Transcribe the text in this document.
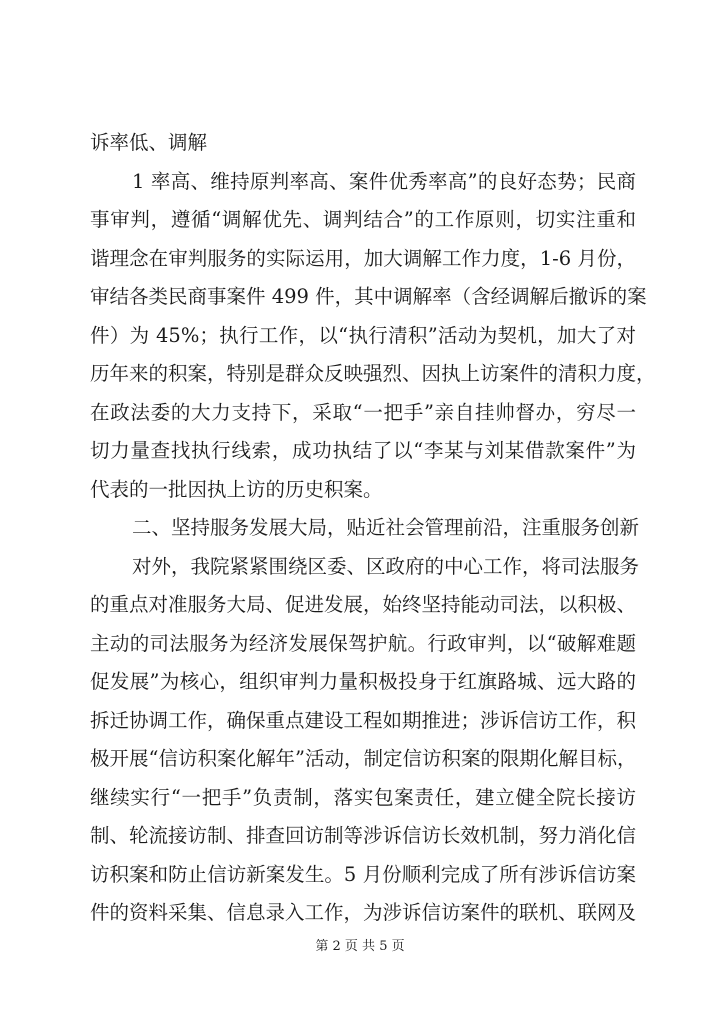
诉率低、调解
1 率高、维持原判率高、案件优秀率高”的良好态势；民商
事审判，遵循“调解优先、调判结合”的工作原则，切实注重和
谐理念在审判服务的实际运用，加大调解工作力度，1-6 月份，
审结各类民商事案件 499 件，其中调解率（含经调解后撤诉的案
件）为 45%；执行工作，以“执行清积”活动为契机，加大了对
历年来的积案，特别是群众反映强烈、因执上访案件的清积力度，
在政法委的大力支持下，采取“一把手”亲自挂帅督办，穷尽一
切力量查找执行线索，成功执结了以“李某与刘某借款案件”为
代表的一批因执上访的历史积案。
二、坚持服务发展大局，贴近社会管理前沿，注重服务创新
对外，我院紧紧围绕区委、区政府的中心工作，将司法服务
的重点对准服务大局、促进发展，始终坚持能动司法，以积极、
主动的司法服务为经济发展保驾护航。行政审判，以“破解难题
促发展”为核心，组织审判力量积极投身于红旗路城、远大路的
拆迁协调工作，确保重点建设工程如期推进；涉诉信访工作，积
极开展“信访积案化解年”活动，制定信访积案的限期化解目标，
继续实行“一把手”负责制，落实包案责任，建立健全院长接访
制、轮流接访制、排查回访制等涉诉信访长效机制，努力消化信
访积案和防止信访新案发生。5 月份顺利完成了所有涉诉信访案
件的资料采集、信息录入工作，为涉诉信访案件的联机、联网及
第 2 页 共 5 页
